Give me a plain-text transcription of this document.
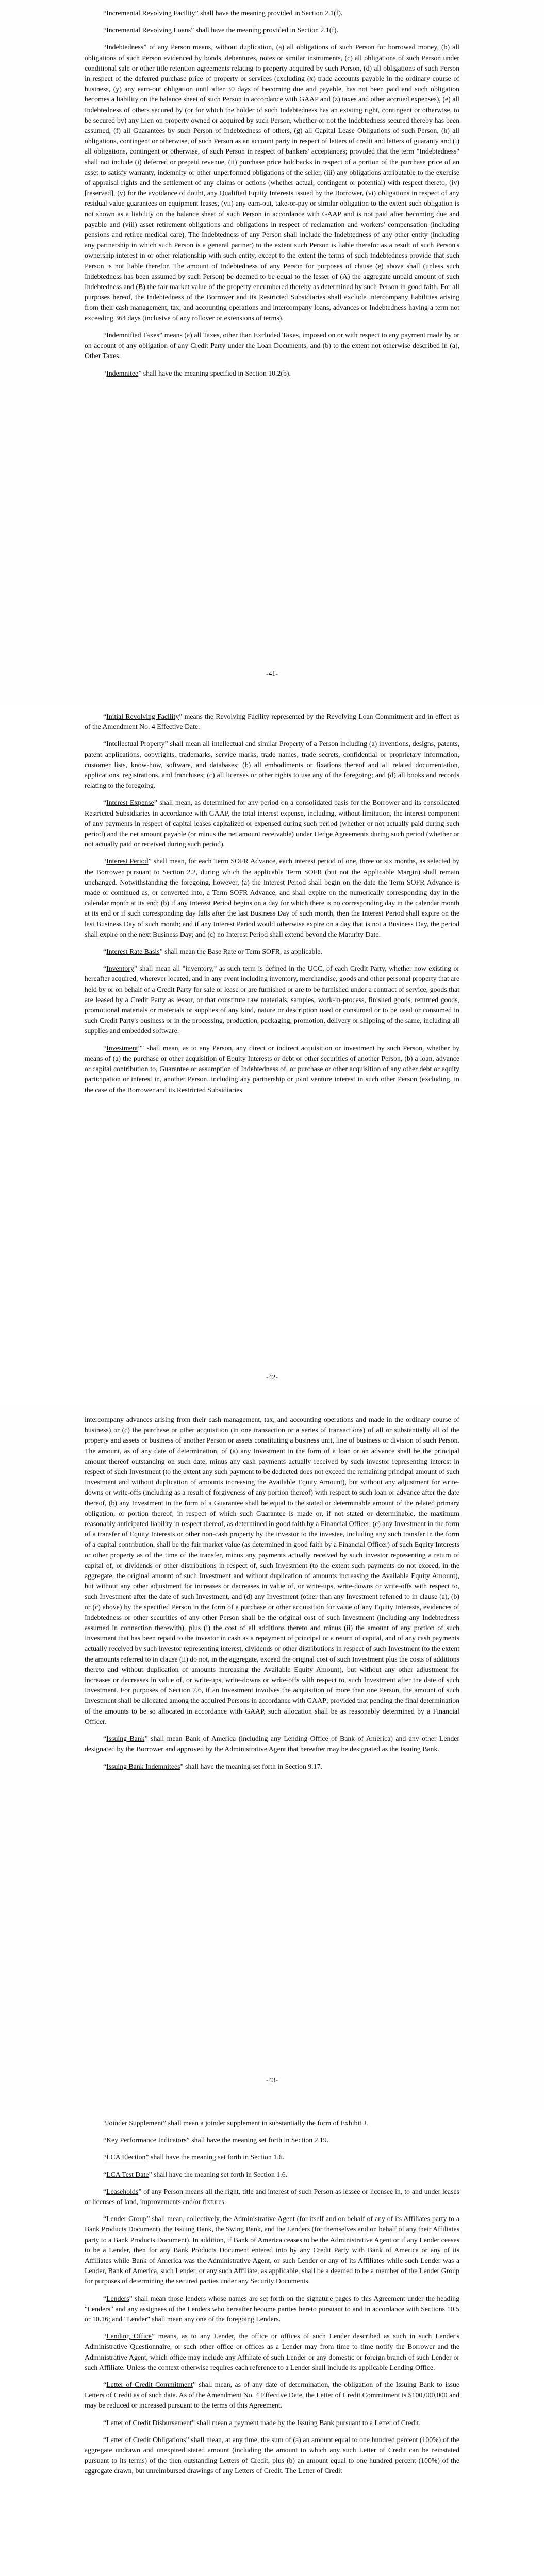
“Incremental Revolving Facility” shall have the meaning provided in Section 2.1(f).

“Incremental Revolving Loans” shall have the meaning provided in Section 2.1(f).

“Indebtedness” of any Person means, without duplication, (a) all obligations of such Person for borrowed money, (b) all obligations of such Person evidenced by bonds, debentures, notes or similar instruments, (c) all obligations of such Person under conditional sale or other title retention agreements relating to property acquired by such Person, (d) all obligations of such Person in respect of the deferred purchase price of property or services (excluding (x) trade accounts payable in the ordinary course of business, (y) any earn-out obligation until after 30 days of becoming due and payable, has not been paid and such obligation becomes a liability on the balance sheet of such Person in accordance with GAAP and (z) taxes and other accrued expenses), (e) all Indebtedness of others secured by (or for which the holder of such Indebtedness has an existing right, contingent or otherwise, to be secured by) any Lien on property owned or acquired by such Person, whether or not the Indebtedness secured thereby has been assumed, (f) all Guarantees by such Person of Indebtedness of others, (g) all Capital Lease Obligations of such Person, (h) all obligations, contingent or otherwise, of such Person as an account party in respect of letters of credit and letters of guaranty and (i) all obligations, contingent or otherwise, of such Person in respect of bankers' acceptances; provided that the term "Indebtedness" shall not include (i) deferred or prepaid revenue, (ii) purchase price holdbacks in respect of a portion of the purchase price of an asset to satisfy warranty, indemnity or other unperformed obligations of the seller, (iii) any obligations attributable to the exercise of appraisal rights and the settlement of any claims or actions (whether actual, contingent or potential) with respect thereto, (iv) [reserved], (v) for the avoidance of doubt, any Qualified Equity Interests issued by the Borrower, (vi) obligations in respect of any residual value guarantees on equipment leases, (vii) any earn-out, take-or-pay or similar obligation to the extent such obligation is not shown as a liability on the balance sheet of such Person in accordance with GAAP and is not paid after becoming due and payable and (viii) asset retirement obligations and obligations in respect of reclamation and workers' compensation (including pensions and retiree medical care). The Indebtedness of any Person shall include the Indebtedness of any other entity (including any partnership in which such Person is a general partner) to the extent such Person is liable therefor as a result of such Person's ownership interest in or other relationship with such entity, except to the extent the terms of such Indebtedness provide that such Person is not liable therefor. The amount of Indebtedness of any Person for purposes of clause (e) above shall (unless such Indebtedness has been assumed by such Person) be deemed to be equal to the lesser of (A) the aggregate unpaid amount of such Indebtedness and (B) the fair market value of the property encumbered thereby as determined by such Person in good faith. For all purposes hereof, the Indebtedness of the Borrower and its Restricted Subsidiaries shall exclude intercompany liabilities arising from their cash management, tax, and accounting operations and intercompany loans, advances or Indebtedness having a term not exceeding 364 days (inclusive of any rollover or extensions of terms).

“Indemnified Taxes” means (a) all Taxes, other than Excluded Taxes, imposed on or with respect to any payment made by or on account of any obligation of any Credit Party under the Loan Documents, and (b) to the extent not otherwise described in (a), Other Taxes.

“Indemnitee” shall have the meaning specified in Section 10.2(b).

-41-

“Initial Revolving Facility” means the Revolving Facility represented by the Revolving Loan Commitment and in effect as of the Amendment No. 4 Effective Date.

“Intellectual Property” shall mean all intellectual and similar Property of a Person including (a) inventions, designs, patents, patent applications, copyrights, trademarks, service marks, trade names, trade secrets, confidential or proprietary information, customer lists, know-how, software, and databases; (b) all embodiments or fixations thereof and all related documentation, applications, registrations, and franchises; (c) all licenses or other rights to use any of the foregoing; and (d) all books and records relating to the foregoing.

“Interest Expense” shall mean, as determined for any period on a consolidated basis for the Borrower and its consolidated Restricted Subsidiaries in accordance with GAAP, the total interest expense, including, without limitation, the interest component of any payments in respect of capital leases capitalized or expensed during such period (whether or not actually paid during such period) and the net amount payable (or minus the net amount receivable) under Hedge Agreements during such period (whether or not actually paid or received during such period).

“Interest Period” shall mean, for each Term SOFR Advance, each interest period of one, three or six months, as selected by the Borrower pursuant to Section 2.2, during which the applicable Term SOFR (but not the Applicable Margin) shall remain unchanged. Notwithstanding the foregoing, however, (a) the Interest Period shall begin on the date the Term SOFR Advance is made or continued as, or converted into, a Term SOFR Advance, and shall expire on the numerically corresponding day in the calendar month at its end; (b) if any Interest Period begins on a day for which there is no corresponding day in the calendar month at its end or if such corresponding day falls after the last Business Day of such month, then the Interest Period shall expire on the last Business Day of such month; and if any Interest Period would otherwise expire on a day that is not a Business Day, the period shall expire on the next Business Day; and (c) no Interest Period shall extend beyond the Maturity Date.

“Interest Rate Basis” shall mean the Base Rate or Term SOFR, as applicable.

“Inventory” shall mean all "inventory," as such term is defined in the UCC, of each Credit Party, whether now existing or hereafter acquired, wherever located, and in any event including inventory, merchandise, goods and other personal property that are held by or on behalf of a Credit Party for sale or lease or are furnished or are to be furnished under a contract of service, goods that are leased by a Credit Party as lessor, or that constitute raw materials, samples, work-in-process, finished goods, returned goods, promotional materials or materials or supplies of any kind, nature or description used or consumed or to be used or consumed in such Credit Party's business or in the processing, production, packaging, promotion, delivery or shipping of the same, including all supplies and embedded software.

“Investment”" shall mean, as to any Person, any direct or indirect acquisition or investment by such Person, whether by means of (a) the purchase or other acquisition of Equity Interests or debt or other securities of another Person, (b) a loan, advance or capital contribution to, Guarantee or assumption of Indebtedness of, or purchase or other acquisition of any other debt or equity participation or interest in, another Person, including any partnership or joint venture interest in such other Person (excluding, in the case of the Borrower and its Restricted Subsidiaries

-42-

intercompany advances arising from their cash management, tax, and accounting operations and made in the ordinary course of business) or (c) the purchase or other acquisition (in one transaction or a series of transactions) of all or substantially all of the property and assets or business of another Person or assets constituting a business unit, line of business or division of such Person. The amount, as of any date of determination, of (a) any Investment in the form of a loan or an advance shall be the principal amount thereof outstanding on such date, minus any cash payments actually received by such investor representing interest in respect of such Investment (to the extent any such payment to be deducted does not exceed the remaining principal amount of such Investment and without duplication of amounts increasing the Available Equity Amount), but without any adjustment for write-downs or write-offs (including as a result of forgiveness of any portion thereof) with respect to such loan or advance after the date thereof, (b) any Investment in the form of a Guarantee shall be equal to the stated or determinable amount of the related primary obligation, or portion thereof, in respect of which such Guarantee is made or, if not stated or determinable, the maximum reasonably anticipated liability in respect thereof, as determined in good faith by a Financial Officer, (c) any Investment in the form of a transfer of Equity Interests or other non-cash property by the investor to the investee, including any such transfer in the form of a capital contribution, shall be the fair market value (as determined in good faith by a Financial Officer) of such Equity Interests or other property as of the time of the transfer, minus any payments actually received by such investor representing a return of capital of, or dividends or other distributions in respect of, such Investment (to the extent such payments do not exceed, in the aggregate, the original amount of such Investment and without duplication of amounts increasing the Available Equity Amount), but without any other adjustment for increases or decreases in value of, or write-ups, write-downs or write-offs with respect to, such Investment after the date of such Investment, and (d) any Investment (other than any Investment referred to in clause (a), (b) or (c) above) by the specified Person in the form of a purchase or other acquisition for value of any Equity Interests, evidences of Indebtedness or other securities of any other Person shall be the original cost of such Investment (including any Indebtedness assumed in connection therewith), plus (i) the cost of all additions thereto and minus (ii) the amount of any portion of such Investment that has been repaid to the investor in cash as a repayment of principal or a return of capital, and of any cash payments actually received by such investor representing interest, dividends or other distributions in respect of such Investment (to the extent the amounts referred to in clause (ii) do not, in the aggregate, exceed the original cost of such Investment plus the costs of additions thereto and without duplication of amounts increasing the Available Equity Amount), but without any other adjustment for increases or decreases in value of, or write-ups, write-downs or write-offs with respect to, such Investment after the date of such Investment. For purposes of Section 7.6, if an Investment involves the acquisition of more than one Person, the amount of such Investment shall be allocated among the acquired Persons in accordance with GAAP; provided that pending the final determination of the amounts to be so allocated in accordance with GAAP, such allocation shall be as reasonably determined by a Financial Officer.

“Issuing Bank” shall mean Bank of America (including any Lending Office of Bank of America) and any other Lender designated by the Borrower and approved by the Administrative Agent that hereafter may be designated as the Issuing Bank.

“Issuing Bank Indemnitees” shall have the meaning set forth in Section 9.17.

-43-

“Joinder Supplement” shall mean a joinder supplement in substantially the form of Exhibit J.

“Key Performance Indicators” shall have the meaning set forth in Section 2.19.

“LCA Election” shall have the meaning set forth in Section 1.6.

“LCA Test Date” shall have the meaning set forth in Section 1.6.

“Leaseholds” of any Person means all the right, title and interest of such Person as lessee or licensee in, to and under leases or licenses of land, improvements and/or fixtures.

“Lender Group” shall mean, collectively, the Administrative Agent (for itself and on behalf of any of its Affiliates party to a Bank Products Document), the Issuing Bank, the Swing Bank, and the Lenders (for themselves and on behalf of any their Affiliates party to a Bank Products Document). In addition, if Bank of America ceases to be the Administrative Agent or if any Lender ceases to be a Lender, then for any Bank Products Document entered into by any Credit Party with Bank of America or any of its Affiliates while Bank of America was the Administrative Agent, or such Lender or any of its Affiliates while such Lender was a Lender, Bank of America, such Lender, or any such Affiliate, as applicable, shall be a deemed to be a member of the Lender Group for purposes of determining the secured parties under any Security Documents.

“Lenders” shall mean those lenders whose names are set forth on the signature pages to this Agreement under the heading "Lenders" and any assignees of the Lenders who hereafter become parties hereto pursuant to and in accordance with Sections 10.5 or 10.16; and "Lender" shall mean any one of the foregoing Lenders.

“Lending Office” means, as to any Lender, the office or offices of such Lender described as such in such Lender's Administrative Questionnaire, or such other office or offices as a Lender may from time to time notify the Borrower and the Administrative Agent, which office may include any Affiliate of such Lender or any domestic or foreign branch of such Lender or such Affiliate. Unless the context otherwise requires each reference to a Lender shall include its applicable Lending Office.

“Letter of Credit Commitment” shall mean, as of any date of determination, the obligation of the Issuing Bank to issue Letters of Credit as of such date. As of the Amendment No. 4 Effective Date, the Letter of Credit Commitment is $100,000,000 and may be reduced or increased pursuant to the terms of this Agreement.

“Letter of Credit Disbursement” shall mean a payment made by the Issuing Bank pursuant to a Letter of Credit.

“Letter of Credit Obligations” shall mean, at any time, the sum of (a) an amount equal to one hundred percent (100%) of the aggregate undrawn and unexpired stated amount (including the amount to which any such Letter of Credit can be reinstated pursuant to its terms) of the then outstanding Letters of Credit, plus (b) an amount equal to one hundred percent (100%) of the aggregate drawn, but unreimbursed drawings of any Letters of Credit. The Letter of Credit
